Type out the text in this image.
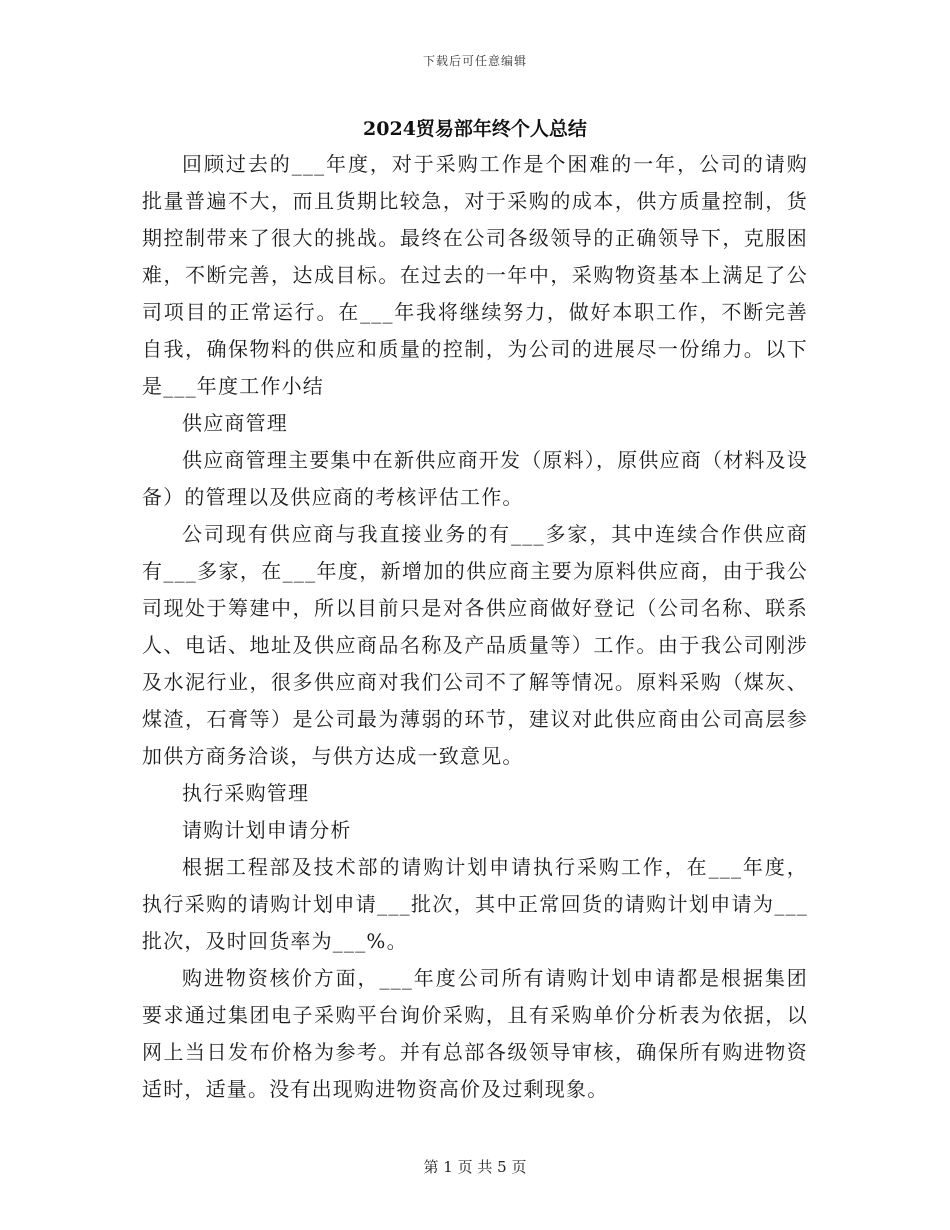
下载后可任意编辑
2024贸易部年终个人总结

回顾过去的___年度，对于采购工作是个困难的一年，公司的请购批量普遍不大，而且货期比较急，对于采购的成本，供方质量控制，货期控制带来了很大的挑战。最终在公司各级领导的正确领导下，克服困难，不断完善，达成目标。在过去的一年中，采购物资基本上满足了公司项目的正常运行。在___年我将继续努力，做好本职工作，不断完善自我，确保物料的供应和质量的控制，为公司的进展尽一份绵力。以下是___年度工作小结

供应商管理

供应商管理主要集中在新供应商开发（原料），原供应商（材料及设备）的管理以及供应商的考核评估工作。

公司现有供应商与我直接业务的有___多家，其中连续合作供应商有___多家，在___年度，新增加的供应商主要为原料供应商，由于我公司现处于筹建中，所以目前只是对各供应商做好登记（公司名称、联系人、电话、地址及供应商品名称及产品质量等）工作。由于我公司刚涉及水泥行业，很多供应商对我们公司不了解等情况。原料采购（煤灰、煤渣，石膏等）是公司最为薄弱的环节，建议对此供应商由公司高层参加供方商务洽谈，与供方达成一致意见。

执行采购管理

请购计划申请分析

根据工程部及技术部的请购计划申请执行采购工作，在___年度，执行采购的请购计划申请___批次，其中正常回货的请购计划申请为___批次，及时回货率为___%。

购进物资核价方面，___年度公司所有请购计划申请都是根据集团要求通过集团电子采购平台询价采购，且有采购单价分析表为依据，以网上当日发布价格为参考。并有总部各级领导审核，确保所有购进物资适时，适量。没有出现购进物资高价及过剩现象。

第 1 页 共 5 页
